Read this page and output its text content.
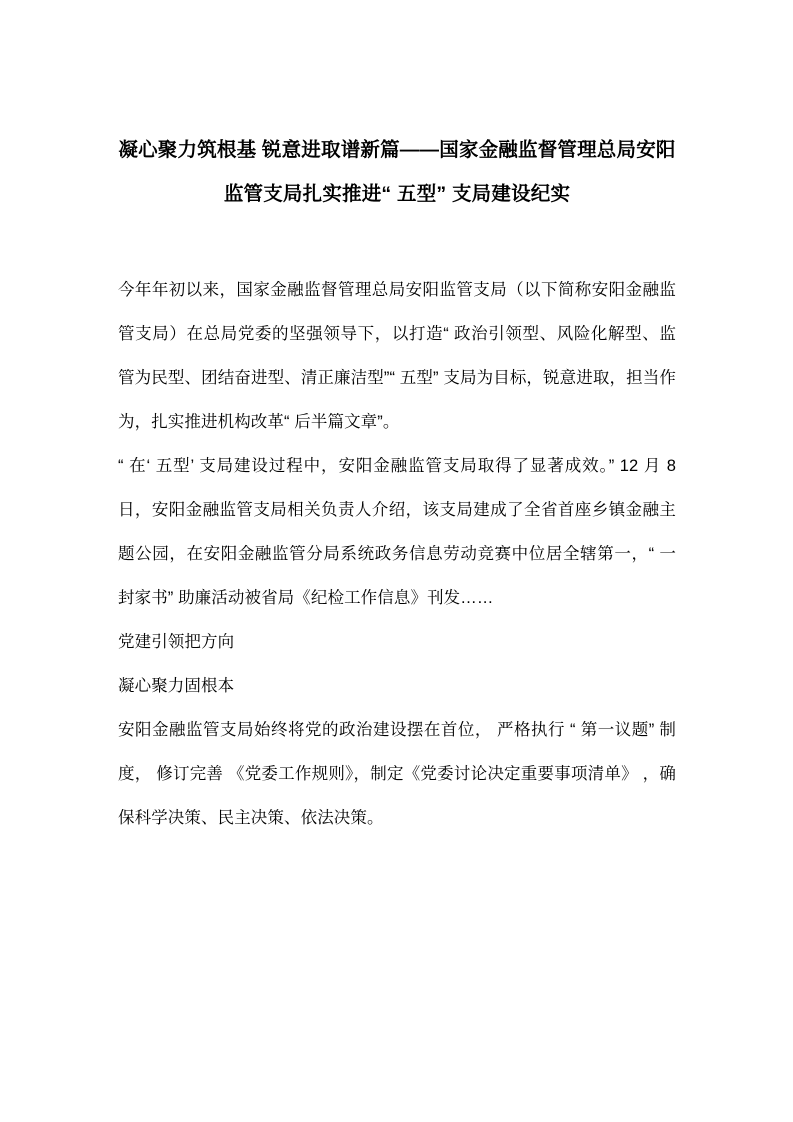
凝心聚力筑根基 锐意进取谱新篇——国家金融监督管理总局安阳监管支局扎实推进“ 五型” 支局建设纪实

今年年初以来，国家金融监督管理总局安阳监管支局（以下简称安阳金融监管支局）在总局党委的坚强领导下，以打造“ 政治引领型、风险化解型、监管为民型、团结奋进型、清正廉洁型”“ 五型” 支局为目标，锐意进取，担当作为，扎实推进机构改革“ 后半篇文章”。

“ 在‘ 五型’ 支局建设过程中，安阳金融监管支局取得了显著成效。” 12 月 8 日，安阳金融监管支局相关负责人介绍，该支局建成了全省首座乡镇金融主题公园，在安阳金融监管分局系统政务信息劳动竞赛中位居全辖第一，“ 一封家书” 助廉活动被省局《纪检工作信息》刊发……

党建引领把方向

凝心聚力固根本

安阳金融监管支局始终将党的政治建设摆在首位， 严格执行 “ 第一议题” 制度， 修订完善 《党委工作规则》，制定《党委讨论决定重要事项清单》 ，确保科学决策、民主决策、依法决策。
